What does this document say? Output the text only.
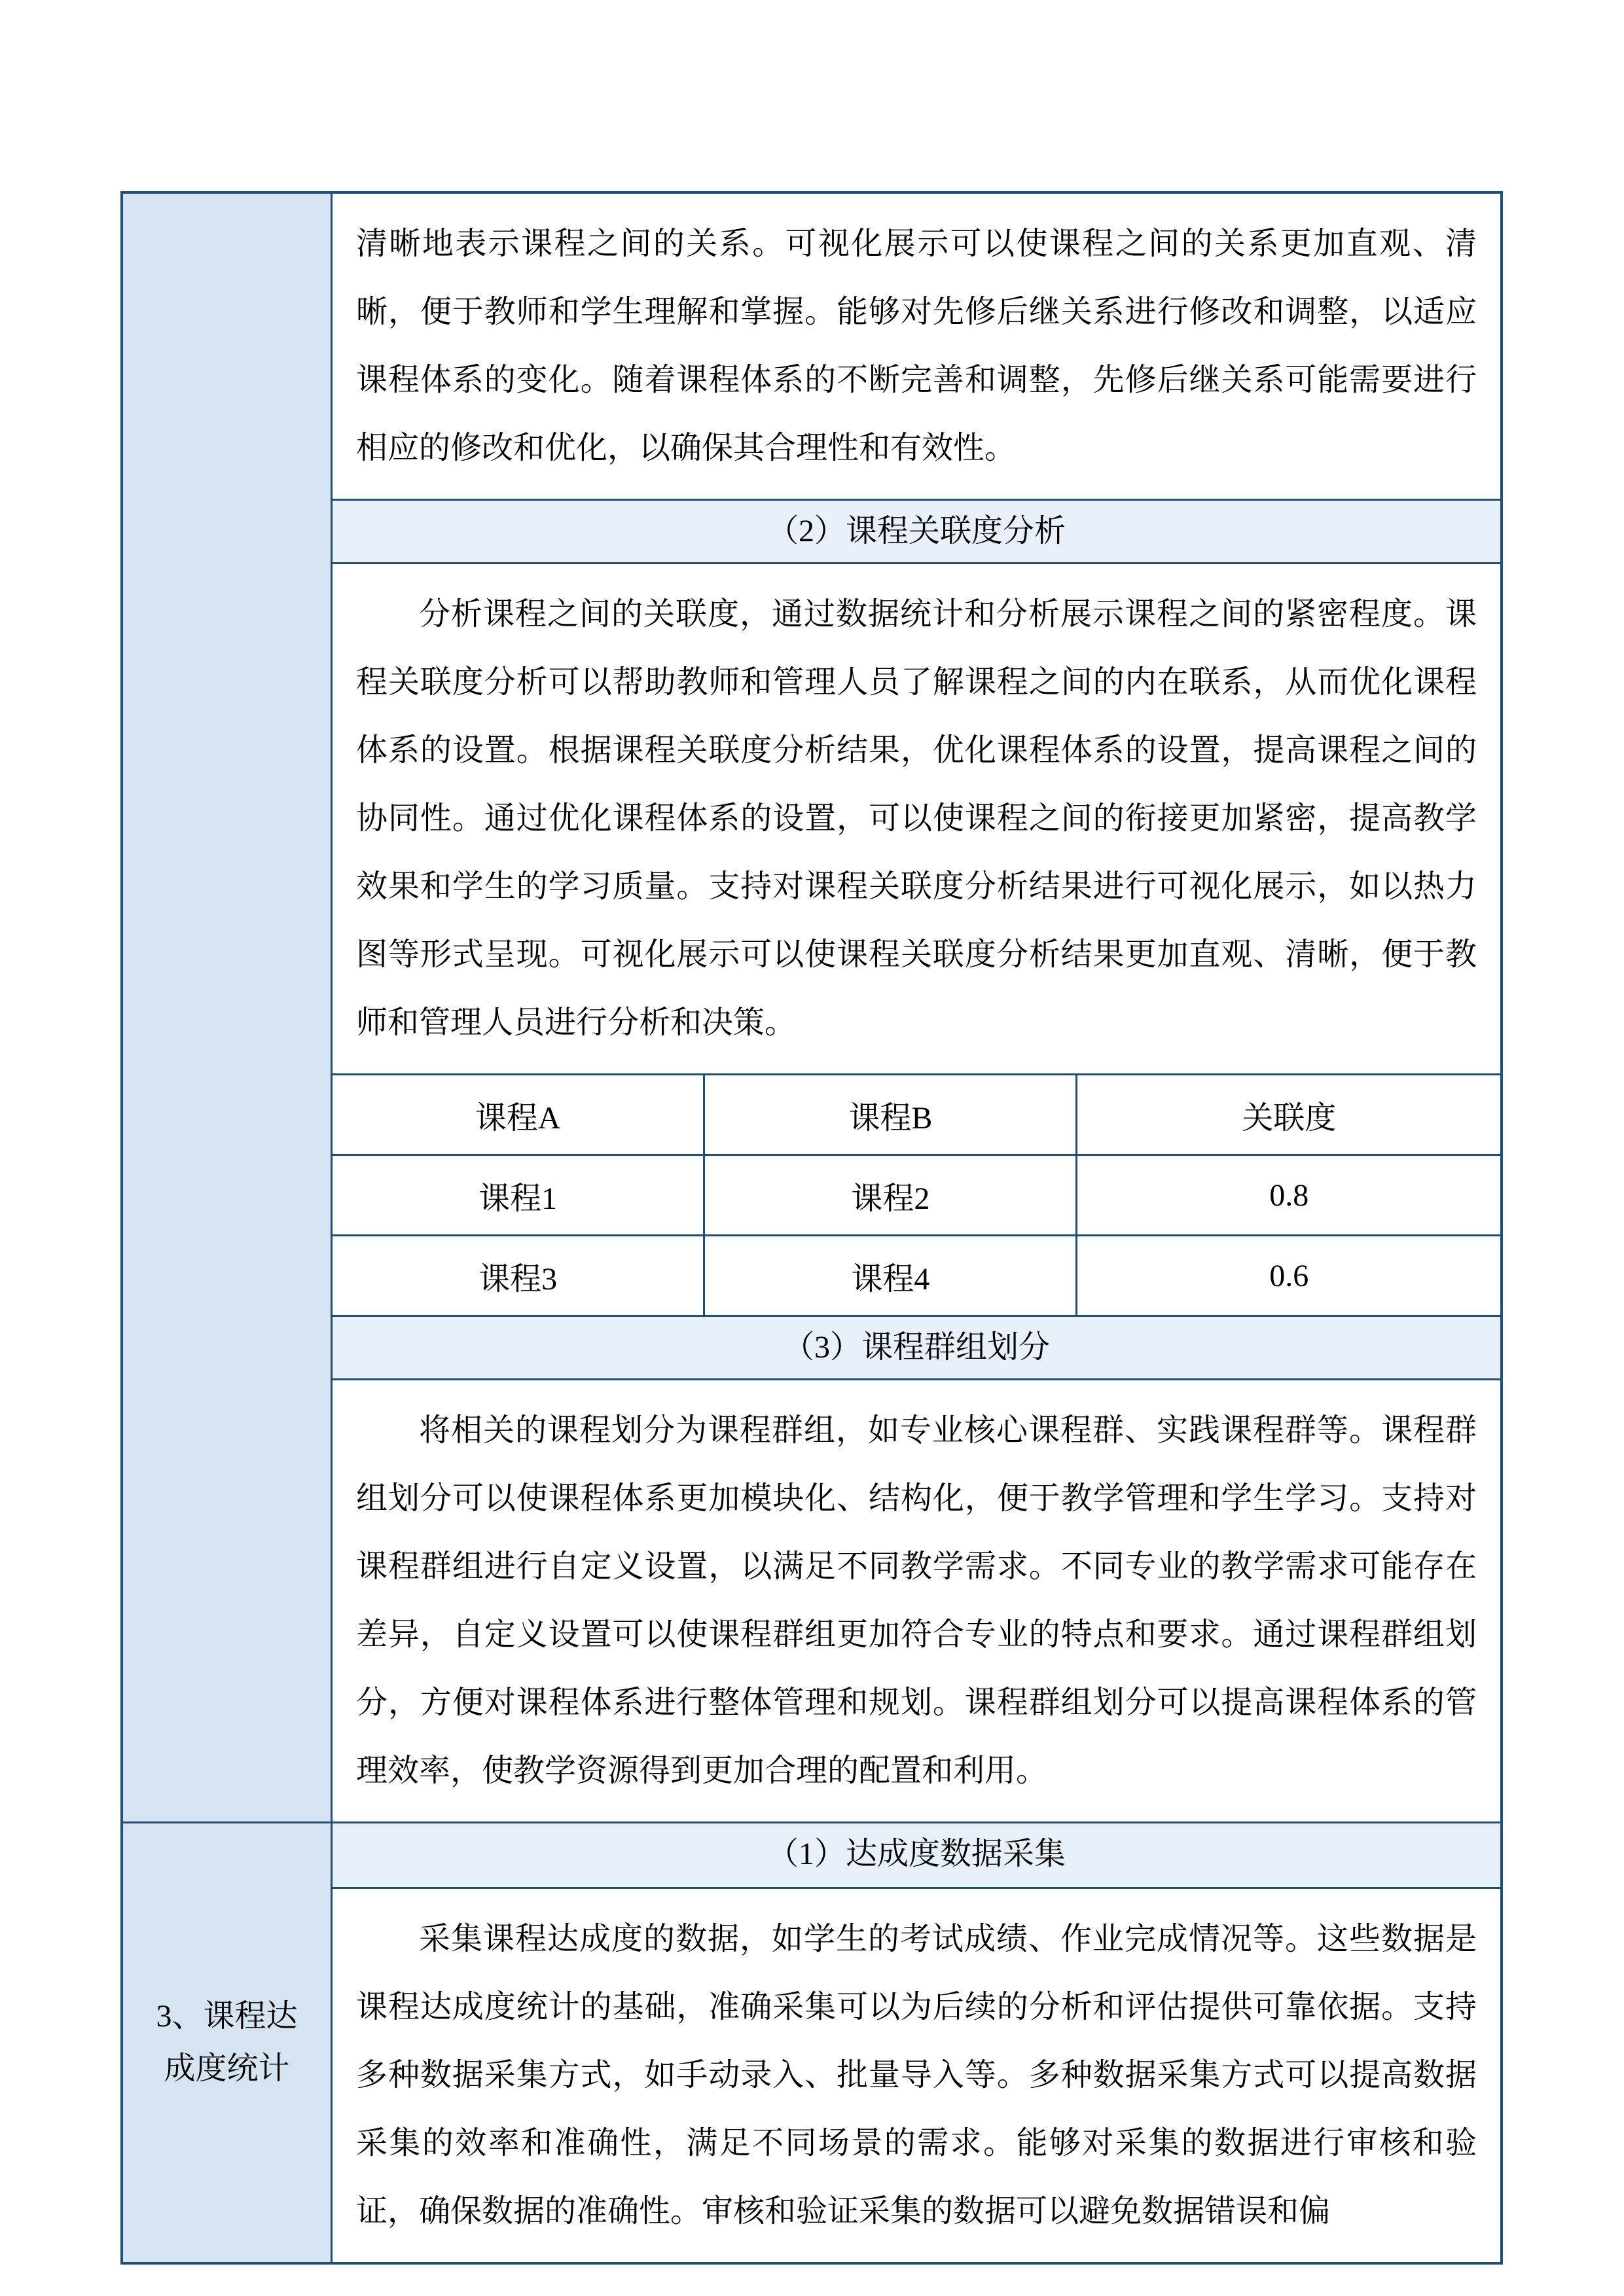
清晰地表示课程之间的关系。可视化展示可以使课程之间的关系更加直观、清晰，便于教师和学生理解和掌握。能够对先修后继关系进行修改和调整，以适应课程体系的变化。随着课程体系的不断完善和调整，先修后继关系可能需要进行相应的修改和优化，以确保其合理性和有效性。
（2）课程关联度分析
分析课程之间的关联度，通过数据统计和分析展示课程之间的紧密程度。课程关联度分析可以帮助教师和管理人员了解课程之间的内在联系，从而优化课程体系的设置。根据课程关联度分析结果，优化课程体系的设置，提高课程之间的协同性。通过优化课程体系的设置，可以使课程之间的衔接更加紧密，提高教学效果和学生的学习质量。支持对课程关联度分析结果进行可视化展示，如以热力图等形式呈现。可视化展示可以使课程关联度分析结果更加直观、清晰，便于教师和管理人员进行分析和决策。
课程A	课程B	关联度
课程1	课程2	0.8
课程3	课程4	0.6
（3）课程群组划分
将相关的课程划分为课程群组，如专业核心课程群、实践课程群等。课程群组划分可以使课程体系更加模块化、结构化，便于教学管理和学生学习。支持对课程群组进行自定义设置，以满足不同教学需求。不同专业的教学需求可能存在差异，自定义设置可以使课程群组更加符合专业的特点和要求。通过课程群组划分，方便对课程体系进行整体管理和规划。课程群组划分可以提高课程体系的管理效率，使教学资源得到更加合理的配置和利用。
3、课程达成度统计
（1）达成度数据采集
采集课程达成度的数据，如学生的考试成绩、作业完成情况等。这些数据是课程达成度统计的基础，准确采集可以为后续的分析和评估提供可靠依据。支持多种数据采集方式，如手动录入、批量导入等。多种数据采集方式可以提高数据采集的效率和准确性，满足不同场景的需求。能够对采集的数据进行审核和验证，确保数据的准确性。审核和验证采集的数据可以避免数据错误和偏
